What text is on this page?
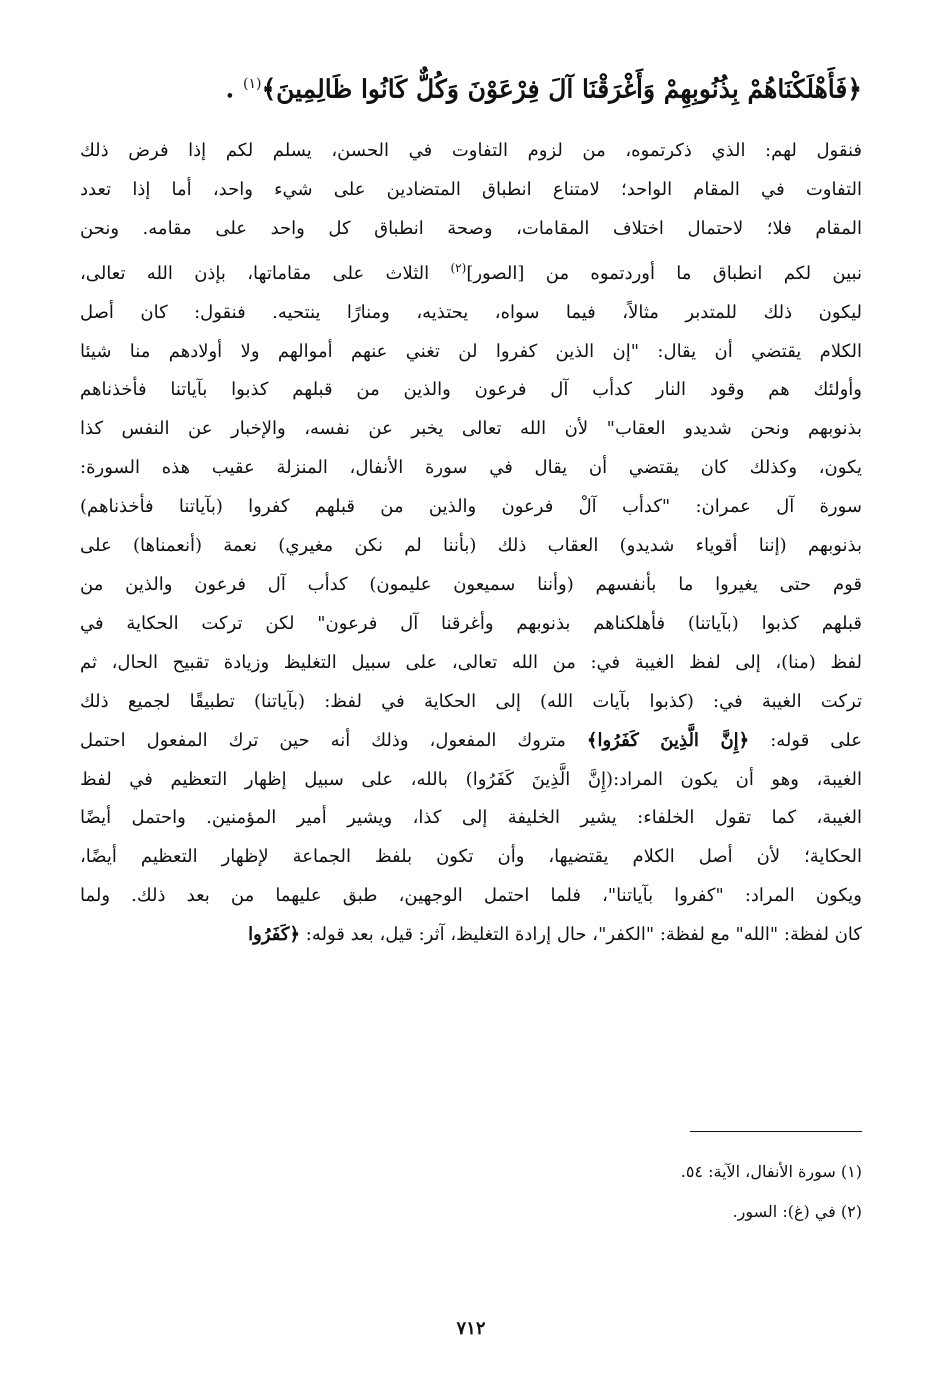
﴿فَأَهْلَكْنَاهُمْ بِذُنُوبِهِمْ وَأَغْرَقْنَا آلَ فِرْعَوْنَ وَكُلٌّ كَانُوا ظَالِمِينَ﴾$^{(١)}$ .
فنقول لهم: الذي ذكرتموه، من لزوم التفاوت في الحسن، يسلم لكم إذا فرض ذلك
التفاوت في المقام الواحد؛ لامتناع انطباق المتضادين على شيء واحد، أما إذا تعدد
المقام فلا؛ لاحتمال اختلاف المقامات، وصحة انطباق كل واحد على مقامه. ونحن
نبين لكم انطباق ما أوردتموه من [الصور]$^{(٢)}$ الثلاث على مقاماتها، بإذن الله تعالى،
ليكون ذلك للمتدبر مثالاً، فيما سواه، يحتذيه، ومنارًا ينتحيه. فنقول: كان أصل
الكلام يقتضي أن يقال: "إن الذين كفروا لن تغني عنهم أموالهم ولا أولادهم منا شيئا
وأولئك هم وقود النار كدأب آل فرعون والذين من قبلهم كذبوا بآياتنا فأخذناهم
بذنوبهم ونحن شديدو العقاب" لأن الله تعالى يخبر عن نفسه، والإخبار عن النفس كذا
يكون، وكذلك كان يقتضي أن يقال في سورة الأنفال، المنزلة عقيب هذه السورة:
سورة آل عمران: "كدأب آلْ فرعون والذين من قبلهم كفروا (بآياتنا فأخذناهم)
بذنوبهم (إننا أقوياء شديدو) العقاب ذلك (بأننا لم نكن مغيري) نعمة (أنعمناها) على
قوم حتى يغيروا ما بأنفسهم (وأننا سميعون عليمون) كدأب آل فرعون والذين من
قبلهم كذبوا (بآياتنا) فأهلكناهم بذنوبهم وأغرقنا آل فرعون" لكن تركت الحكاية في
لفظ (منا)، إلى لفظ الغيبة في: من الله تعالى، على سبيل التغليظ وزيادة تقبيح الحال، ثم
تركت الغيبة في: (كذبوا بآيات الله) إلى الحكاية في لفظ: (بآياتنا) تطبيقًا لجميع ذلك
على قوله: ﴿إِنَّ الَّذِينَ كَفَرُوا﴾ متروك المفعول، وذلك أنه حين ترك المفعول احتمل
الغيبة، وهو أن يكون المراد:(إِنَّ الَّذِينَ كَفَرُوا) بالله، على سبيل إظهار التعظيم في لفظ
الغيبة، كما تقول الخلفاء: يشير الخليفة إلى كذا، ويشير أمير المؤمنين. واحتمل أيضًا
الحكاية؛ لأن أصل الكلام يقتضيها، وأن تكون بلفظ الجماعة لإظهار التعظيم أيضًا،
ويكون المراد: "كفروا بآياتنا"، فلما احتمل الوجهين، طبق عليهما من بعد ذلك. ولما
كان لفظة: "الله" مع لفظة: "الكفر"، حال إرادة التغليظ، آثر: قيل، بعد قوله: ﴿كَفَرُوا
(١) سورة الأنفال، الآية: ٥٤.
(٢) في (غ): السور.
٧١٢
